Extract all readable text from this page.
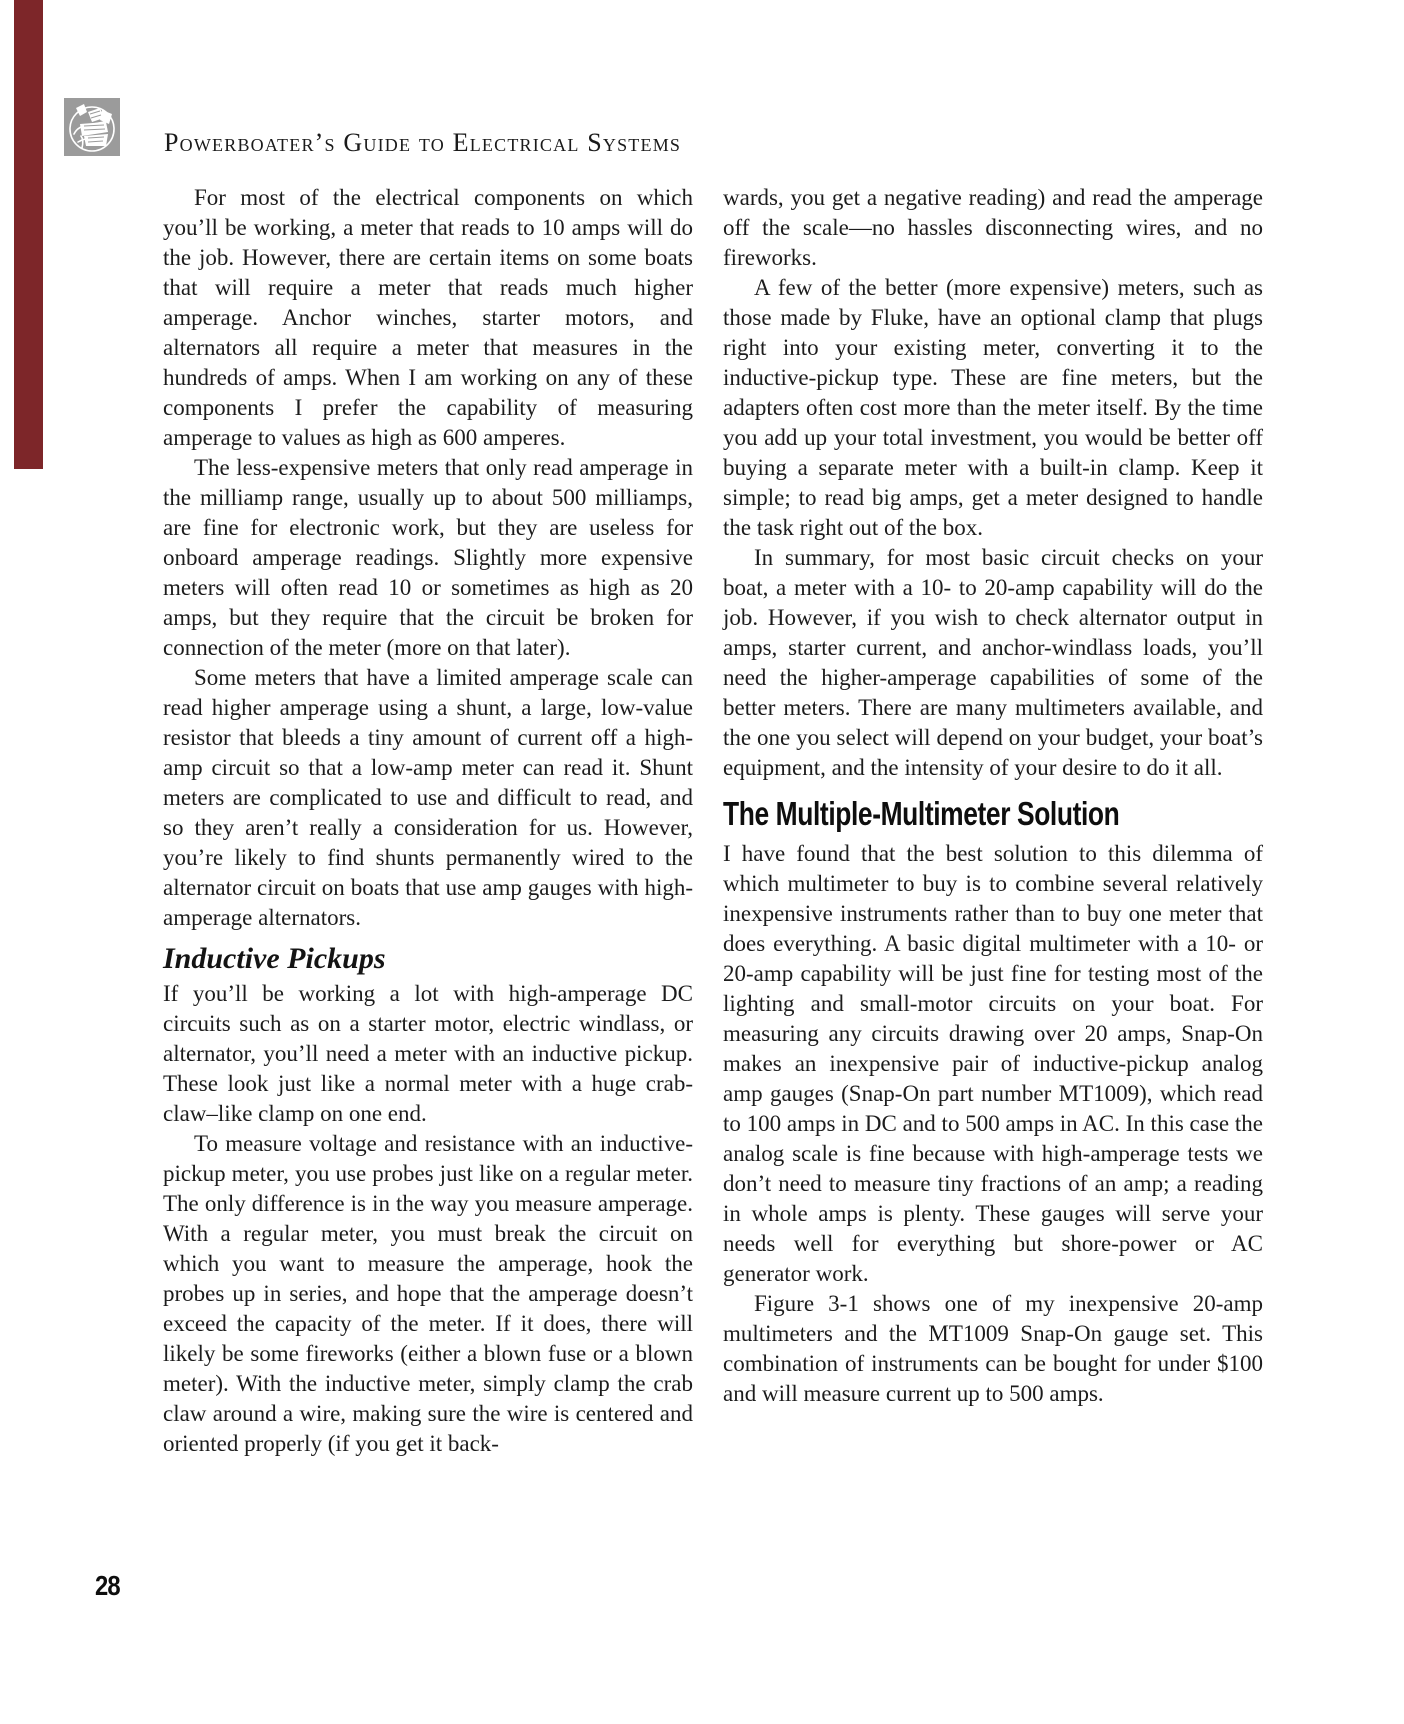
Powerboater’s Guide to Electrical Systems

For most of the electrical components on which you’ll be working, a meter that reads to 10 amps will do the job. However, there are certain items on some boats that will require a meter that reads much higher amperage. Anchor winches, starter motors, and alternators all require a meter that measures in the hundreds of amps. When I am working on any of these components I prefer the capability of measuring amperage to values as high as 600 amperes.

The less-expensive meters that only read amperage in the milliamp range, usually up to about 500 milliamps, are fine for electronic work, but they are useless for onboard amperage readings. Slightly more expensive meters will often read 10 or sometimes as high as 20 amps, but they require that the circuit be broken for connection of the meter (more on that later).

Some meters that have a limited amperage scale can read higher amperage using a shunt, a large, low-value resistor that bleeds a tiny amount of current off a high-amp circuit so that a low-amp meter can read it. Shunt meters are complicated to use and difficult to read, and so they aren’t really a consideration for us. However, you’re likely to find shunts permanently wired to the alternator circuit on boats that use amp gauges with high-amperage alternators.

Inductive Pickups

If you’ll be working a lot with high-amperage DC circuits such as on a starter motor, electric windlass, or alternator, you’ll need a meter with an inductive pickup. These look just like a normal meter with a huge crab-claw–like clamp on one end.

To measure voltage and resistance with an inductive-pickup meter, you use probes just like on a regular meter. The only difference is in the way you measure amperage. With a regular meter, you must break the circuit on which you want to measure the amperage, hook the probes up in series, and hope that the amperage doesn’t exceed the capacity of the meter. If it does, there will likely be some fireworks (either a blown fuse or a blown meter). With the inductive meter, simply clamp the crab claw around a wire, making sure the wire is centered and oriented properly (if you get it back-

wards, you get a negative reading) and read the amperage off the scale—no hassles disconnecting wires, and no fireworks.

A few of the better (more expensive) meters, such as those made by Fluke, have an optional clamp that plugs right into your existing meter, converting it to the inductive-pickup type. These are fine meters, but the adapters often cost more than the meter itself. By the time you add up your total investment, you would be better off buying a separate meter with a built-in clamp. Keep it simple; to read big amps, get a meter designed to handle the task right out of the box.

In summary, for most basic circuit checks on your boat, a meter with a 10- to 20-amp capability will do the job. However, if you wish to check alternator output in amps, starter current, and anchor-windlass loads, you’ll need the higher-amperage capabilities of some of the better meters. There are many multimeters available, and the one you select will depend on your budget, your boat’s equipment, and the intensity of your desire to do it all.

The Multiple-Multimeter Solution

I have found that the best solution to this dilemma of which multimeter to buy is to combine several relatively inexpensive instruments rather than to buy one meter that does everything. A basic digital multimeter with a 10- or 20-amp capability will be just fine for testing most of the lighting and small-motor circuits on your boat. For measuring any circuits drawing over 20 amps, Snap-On makes an inexpensive pair of inductive-pickup analog amp gauges (Snap-On part number MT1009), which read to 100 amps in DC and to 500 amps in AC. In this case the analog scale is fine because with high-amperage tests we don’t need to measure tiny fractions of an amp; a reading in whole amps is plenty. These gauges will serve your needs well for everything but shore-power or AC generator work.

Figure 3-1 shows one of my inexpensive 20-amp multimeters and the MT1009 Snap-On gauge set. This combination of instruments can be bought for under $100 and will measure current up to 500 amps.

28
